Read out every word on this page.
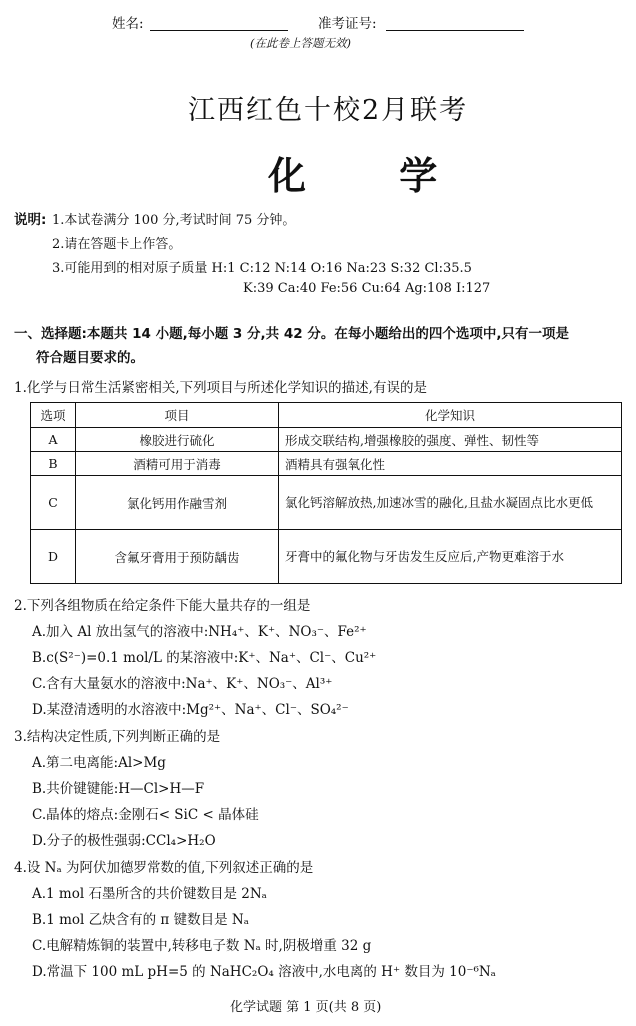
姓名:	准考证号:
(在此卷上答题无效)
江西红色十校2月联考
化 学
说明: 1.本试卷满分 100 分,考试时间 75 分钟。
2.请在答题卡上作答。
3.可能用到的相对原子质量 H:1 C:12 N:14 O:16 Na:23 S:32 Cl:35.5
K:39 Ca:40 Fe:56 Cu:64 Ag:108 I:127
一、选择题:本题共 14 小题,每小题 3 分,共 42 分。在每小题给出的四个选项中,只有一项是
符合题目要求的。
1.化学与日常生活紧密相关,下列项目与所述化学知识的描述,有误的是
选项	项目	化学知识
A	橡胶进行硫化	形成交联结构,增强橡胶的强度、弹性、韧性等
B	酒精可用于消毒	酒精具有强氧化性
C	氯化钙用作融雪剂	氯化钙溶解放热,加速冰雪的融化,且盐水凝固点比水更低
D	含氟牙膏用于预防龋齿	牙膏中的氟化物与牙齿发生反应后,产物更难溶于水
2.下列各组物质在给定条件下能大量共存的一组是
A.加入 Al 放出氢气的溶液中:NH₄⁺、K⁺、NO₃⁻、Fe²⁺
B.c(S²⁻)=0.1 mol/L 的某溶液中:K⁺、Na⁺、Cl⁻、Cu²⁺
C.含有大量氨水的溶液中:Na⁺、K⁺、NO₃⁻、Al³⁺
D.某澄清透明的水溶液中:Mg²⁺、Na⁺、Cl⁻、SO₄²⁻
3.结构决定性质,下列判断正确的是
A.第二电离能:Al>Mg
B.共价键键能:H—Cl>H—F
C.晶体的熔点:金刚石< SiC < 晶体硅
D.分子的极性强弱:CCl₄>H₂O
4.设 Nₐ 为阿伏加德罗常数的值,下列叙述正确的是
A.1 mol 石墨所含的共价键数目是 2Nₐ
B.1 mol 乙炔含有的 π 键数目是 Nₐ
C.电解精炼铜的装置中,转移电子数 Nₐ 时,阴极增重 32 g
D.常温下 100 mL pH=5 的 NaHC₂O₄ 溶液中,水电离的 H⁺ 数目为 10⁻⁶Nₐ
化学试题 第 1 页(共 8 页)
